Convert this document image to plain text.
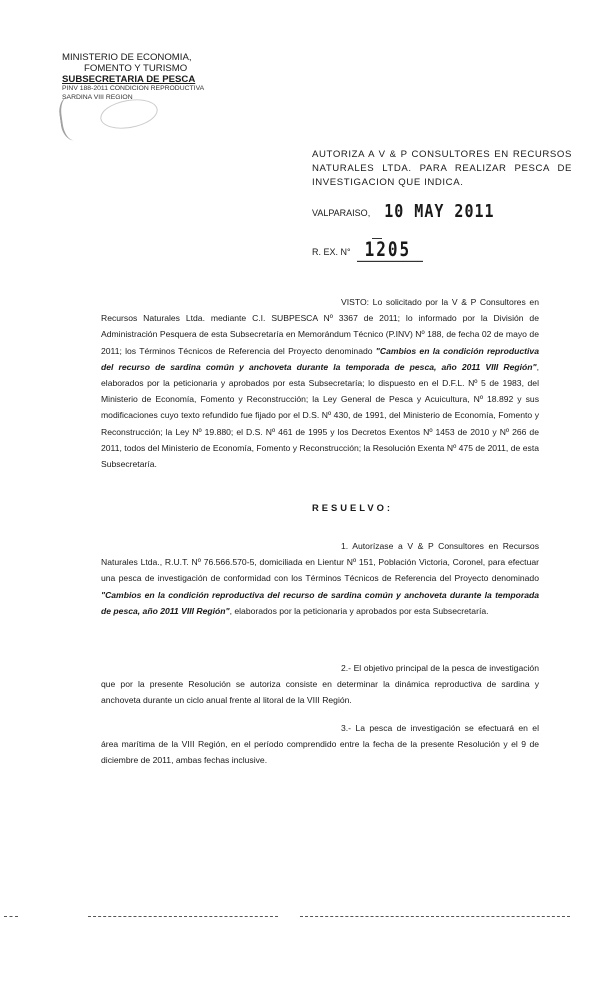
MINISTERIO DE ECONOMIA,
FOMENTO Y TURISMO
SUBSECRETARIA DE PESCA
PINV 188-2011 CONDICION REPRODUCTIVA
SARDINA VIII REGION
AUTORIZA A V & P CONSULTORES EN RECURSOS NATURALES LTDA. PARA REALIZAR PESCA DE INVESTIGACION QUE INDICA.
VALPARAISO, 10 MAY 2011
R. EX. N° 1205
VISTO: Lo solicitado por la V & P Consultores en Recursos Naturales Ltda. mediante C.I. SUBPESCA Nº 3367 de 2011; lo informado por la División de Administración Pesquera de esta Subsecretaría en Memorándum Técnico (P.INV) Nº 188, de fecha 02 de mayo de 2011; los Términos Técnicos de Referencia del Proyecto denominado "Cambios en la condición reproductiva del recurso de sardina común y anchoveta durante la temporada de pesca, año 2011 VIII Región", elaborados por la peticionaria y aprobados por esta Subsecretaría; lo dispuesto en el D.F.L. Nº 5 de 1983, del Ministerio de Economía, Fomento y Reconstrucción; la Ley General de Pesca y Acuicultura, Nº 18.892 y sus modificaciones cuyo texto refundido fue fijado por el D.S. Nº 430, de 1991, del Ministerio de Economía, Fomento y Reconstrucción; la Ley Nº 19.880; el D.S. Nº 461 de 1995 y los Decretos Exentos Nº 1453 de 2010 y Nº 266 de 2011, todos del Ministerio de Economía, Fomento y Reconstrucción; la Resolución Exenta Nº 475 de 2011, de esta Subsecretaría.
RESUELVO:
1. Autorízase a V & P Consultores en Recursos Naturales Ltda., R.U.T. Nº 76.566.570-5, domiciliada en Lientur Nº 151, Población Victoria, Coronel, para efectuar una pesca de investigación de conformidad con los Términos Técnicos de Referencia del Proyecto denominado "Cambios en la condición reproductiva del recurso de sardina común y anchoveta durante la temporada de pesca, año 2011 VIII Región", elaborados por la peticionaria y aprobados por esta Subsecretaría.
2.- El objetivo principal de la pesca de investigación que por la presente Resolución se autoriza consiste en determinar la dinámica reproductiva de sardina y anchoveta durante un ciclo anual frente al litoral de la VIII Región.
3.- La pesca de investigación se efectuará en el área marítima de la VIII Región, en el período comprendido entre la fecha de la presente Resolución y el 9 de diciembre de 2011, ambas fechas inclusive.
